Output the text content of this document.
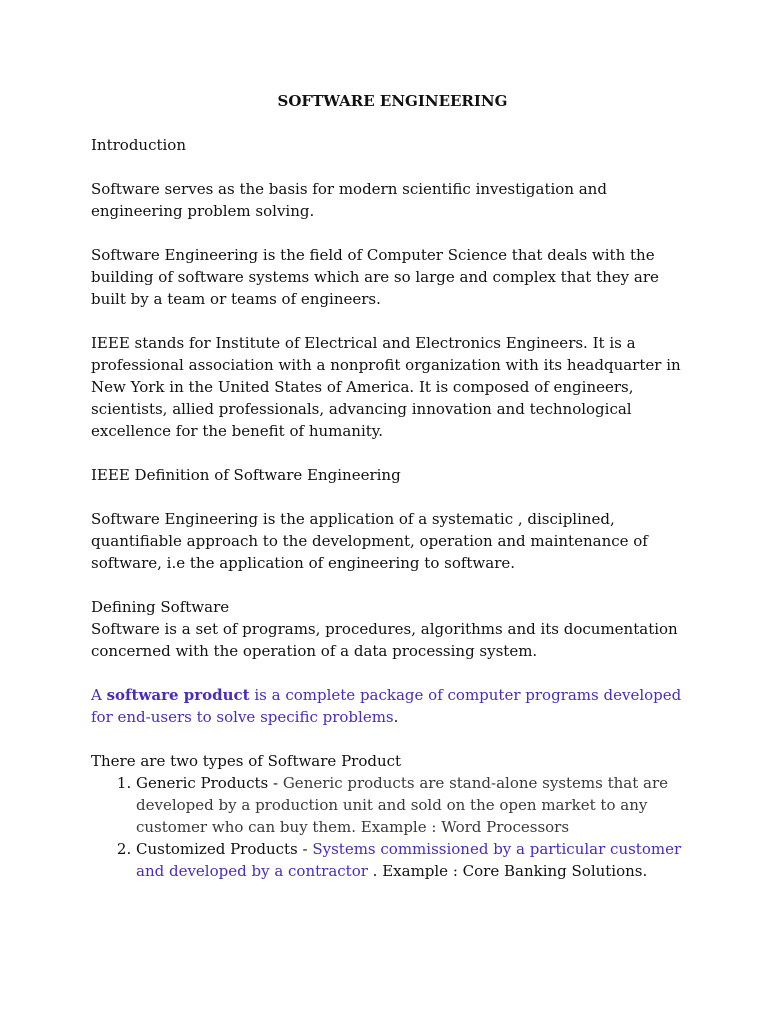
SOFTWARE ENGINEERING

Introduction

Software serves as the basis for modern scientific investigation and engineering problem solving.

Software Engineering is the field of Computer Science that deals with the building of software systems which are so large and complex that they are built by a team or teams of engineers.

IEEE stands for Institute of Electrical and Electronics Engineers. It is a professional association with a nonprofit organization with its headquarter in New York in the United States of America. It is composed of engineers, scientists, allied professionals, advancing innovation and technological excellence for the benefit of humanity.

IEEE Definition of Software Engineering

Software Engineering is the application of a systematic , disciplined, quantifiable approach to the development, operation and maintenance of software, i.e the application of engineering to software.

Defining Software

Software is a set of programs, procedures, algorithms and its documentation concerned with the operation of a data processing system.

A software product is a complete package of computer programs developed for end-users to solve specific problems.

There are two types of Software Product

1. Generic Products - Generic products are stand-alone systems that are developed by a production unit and sold on the open market to any customer who can buy them. Example : Word Processors
2. Customized Products - Systems commissioned by a particular customer and developed by a contractor . Example : Core Banking Solutions.
